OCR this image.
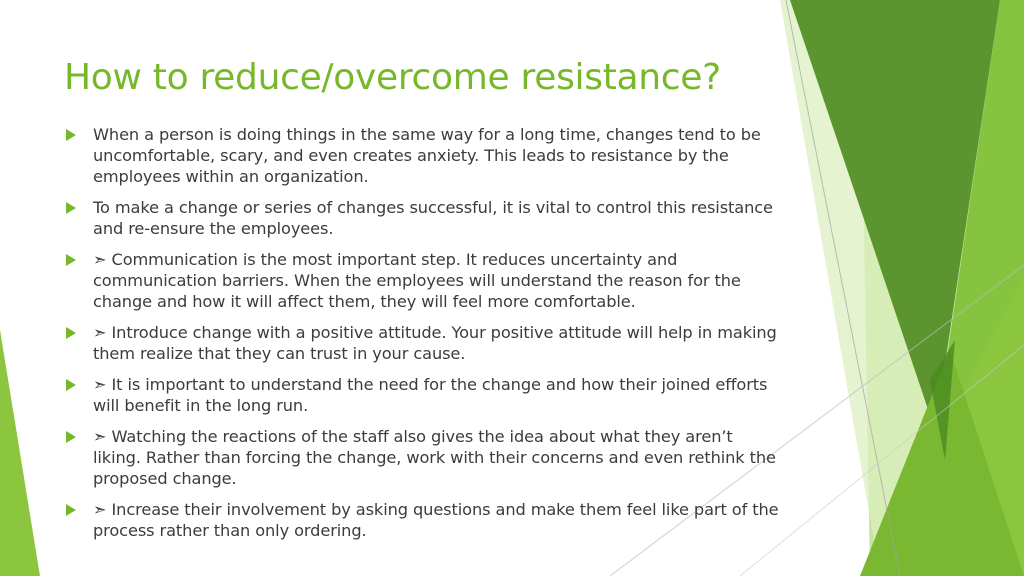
How to reduce/overcome resistance?
When a person is doing things in the same way for a long time, changes tend to be uncomfortable, scary, and even creates anxiety. This leads to resistance by the employees within an organization.
To make a change or series of changes successful, it is vital to control this resistance and re-ensure the employees.
➣ Communication is the most important step. It reduces uncertainty and communication barriers. When the employees will understand the reason for the change and how it will affect them, they will feel more comfortable.
➣ Introduce change with a positive attitude. Your positive attitude will help in making them realize that they can trust in your cause.
➣ It is important to understand the need for the change and how their joined efforts will benefit in the long run.
➣ Watching the reactions of the staff also gives the idea about what they aren’t liking. Rather than forcing the change, work with their concerns and even rethink the proposed change.
➣ Increase their involvement by asking questions and make them feel like part of the process rather than only ordering.
